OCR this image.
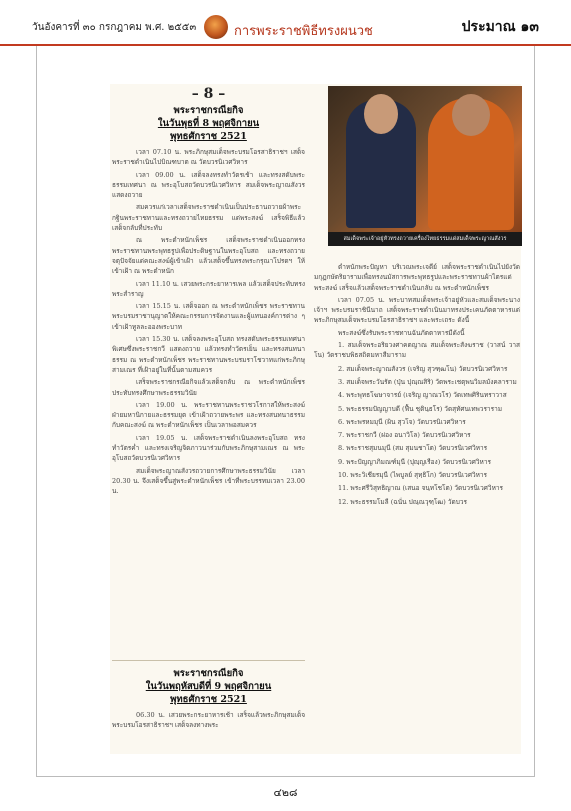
วันอังคารที่ ๓๐ กรกฎาคม พ.ศ. ๒๕๕๓	การพระราชพิธีทรงผนวช	ประมาณ ๑๓
– 8 –
พระราชกรณียกิจ
ในวันพุธที่ 8 พฤศจิกายน
พุทธศักราช 2521

เวลา 07.10 น. พระภิกษุสมเด็จพระบรมโอรสาธิราชฯ เสด็จพระราชดำเนินไปบิณฑบาต ณ วัดบวรนิเวศวิหาร

เวลา 09.00 น. เสด็จลงทรงทำวัตรเช้า และทรงสดับพระธรรมเทศนา ณ พระอุโบสถวัดบวรนิเวศวิหาร สมเด็จพระญาณสังวร แสดงถวาย

สมควรแก่เวลาเสด็จพระราชดำเนินเป็นประธานถวายผ้าพระกฐินพระราชทานและทรงถวายไทยธรรม แด่พระสงฆ์ เสร็จพิธีแล้วเสด็จกลับที่ประทับ

ณ พระตำหนักเพ็ชร เสด็จพระราชดำเนินออกทรงพระราชทานพระพุทธรูปเพื่อประดิษฐานในพระอุโบสถ และทรงถวายจตุปัจจัยแด่คณะสงฆ์ผู้เข้าเฝ้า แล้วเสด็จขึ้นทรงพระกรุณาโปรดฯ ให้เข้าเฝ้า ณ พระตำหนัก

เวลา 11.10 น. เสวยพระกระยาหารเพล แล้วเสด็จประทับทรงพระสำราญ

เวลา 15.15 น. เสด็จออก ณ พระตำหนักเพ็ชร พระราชทานพระบรมราชานุญาตให้คณะกรรมการจัดงานและผู้แทนองค์การต่าง ๆ เข้าเฝ้าทูลละอองพระบาท

เวลา 15.30 น. เสด็จลงพระอุโบสถ ทรงสดับพระธรรมเทศนาพิเศษซึ่งพระราชกวี แสดงถวาย แล้วทรงทำวัตรเย็น และทรงสนทนาธรรม ณ พระตำหนักเพ็ชร พระราชทานพระบรมราโชวาทแก่พระภิกษุสามเณร ที่เฝ้าอยู่ในที่นั้นตามสมควร

เสร็จพระราชกรณียกิจแล้วเสด็จกลับ ณ พระตำหนักเพ็ชร ประทับทรงศึกษาพระธรรมวินัย

เวลา 19.00 น. พระราชทานพระราชวโรกาสให้พระสงฆ์ ฝ่ายมหานิกายและธรรมยุต เข้าเฝ้าถวายพระพร และทรงสนทนาธรรมกับคณะสงฆ์ ณ พระตำหนักเพ็ชร เป็นเวลาพอสมควร

เวลา 19.05 น. เสด็จพระราชดำเนินลงพระอุโบสถ ทรงทำวัตรค่ำ และทรงเจริญจิตภาวนาร่วมกับพระภิกษุสามเณร ณ พระอุโบสถวัดบวรนิเวศวิหาร

สมเด็จพระญาณสังวรถวายการศึกษาพระธรรมวินัย เวลา 20.30 น. จึงเสด็จขึ้นสู่พระตำหนักเพ็ชร เข้าที่พระบรรทมเวลา 23.00 น.

พระราชกรณียกิจ
ในวันพฤหัสบดีที่ 9 พฤศจิกายน
พุทธศักราช 2521

06.30 น. เสวยพระกระยาหารเช้า เสร็จแล้วพระภิกษุสมเด็จพระบรมโอรสาธิราชฯ เสด็จลงทางพระ

สมเด็จพระเจ้าอยู่หัวทรงถวายเครื่องไทยธรรมแด่สมเด็จพระญาณสังวร

ตำหนักพระปัญหา บริเวณพระเจดีย์ เสด็จพระราชดำเนินไปยังวัดมกุฏกษัตริยารามเพื่อทรงนมัสการพระพุทธรูปและพระราชทานผ้าไตรแด่พระสงฆ์ เสร็จแล้วเสด็จพระราชดำเนินกลับ ณ พระตำหนักเพ็ชร

เวลา 07.05 น. พระบาทสมเด็จพระเจ้าอยู่หัวและสมเด็จพระนางเจ้าฯ พระบรมราชินีนาถ เสด็จพระราชดำเนินมาทรงประเคนภัตตาหารแด่พระภิกษุสมเด็จพระบรมโอรสาธิราชฯ และพระเถระ ดังนี้

พระสงฆ์ซึ่งรับพระราชทานฉันภัตตาหารมีดังนี้

1. สมเด็จพระอริยวงศาคตญาณ สมเด็จพระสังฆราช (วาสน์ วาสโน) วัดราชบพิธสถิตมหาสีมาราม

2. สมเด็จพระญาณสังวร (เจริญ สุวฑฺฒโน) วัดบวรนิเวศวิหาร

3. สมเด็จพระวันรัต (ปุ่น ปุณฺณสิริ) วัดพระเชตุพนวิมลมังคลาราม

4. พระพุทธโฆษาจารย์ (เจริญ ญาณวโร) วัดเทพศิรินทราวาส

5. พระธรรมปัญญาบดี (ฟื้น ชุตินฺธโร) วัดสุทัศนเทพวราราม

6. พระพรหมมุนี (ผิน สุวโจ) วัดบวรนิเวศวิหาร

7. พระราชกวี (ผ่อง อนาวิโล) วัดบวรนิเวศวิหาร

8. พระราชสุมนมุนี (สม สุมนชาโต) วัดบวรนิเวศวิหาร

9. พระปัญญาภิมณฑ์มุนี (ปุญฺญเรือง) วัดบวรนิเวศวิหาร

10. พระวิเชียรมุนี (ไพบูลย์ สุทฺธิโก) วัดบวรนิเวศวิหาร

11. พระศรีวิสุทธิญาณ (เสนอ จนฺทโชโต) วัดบวรนิเวศวิหาร

12. พระธรรมโมลี (ฉนั่น ปณฺณวุฑฺโฒ) วัดบวร

๔๒๘
